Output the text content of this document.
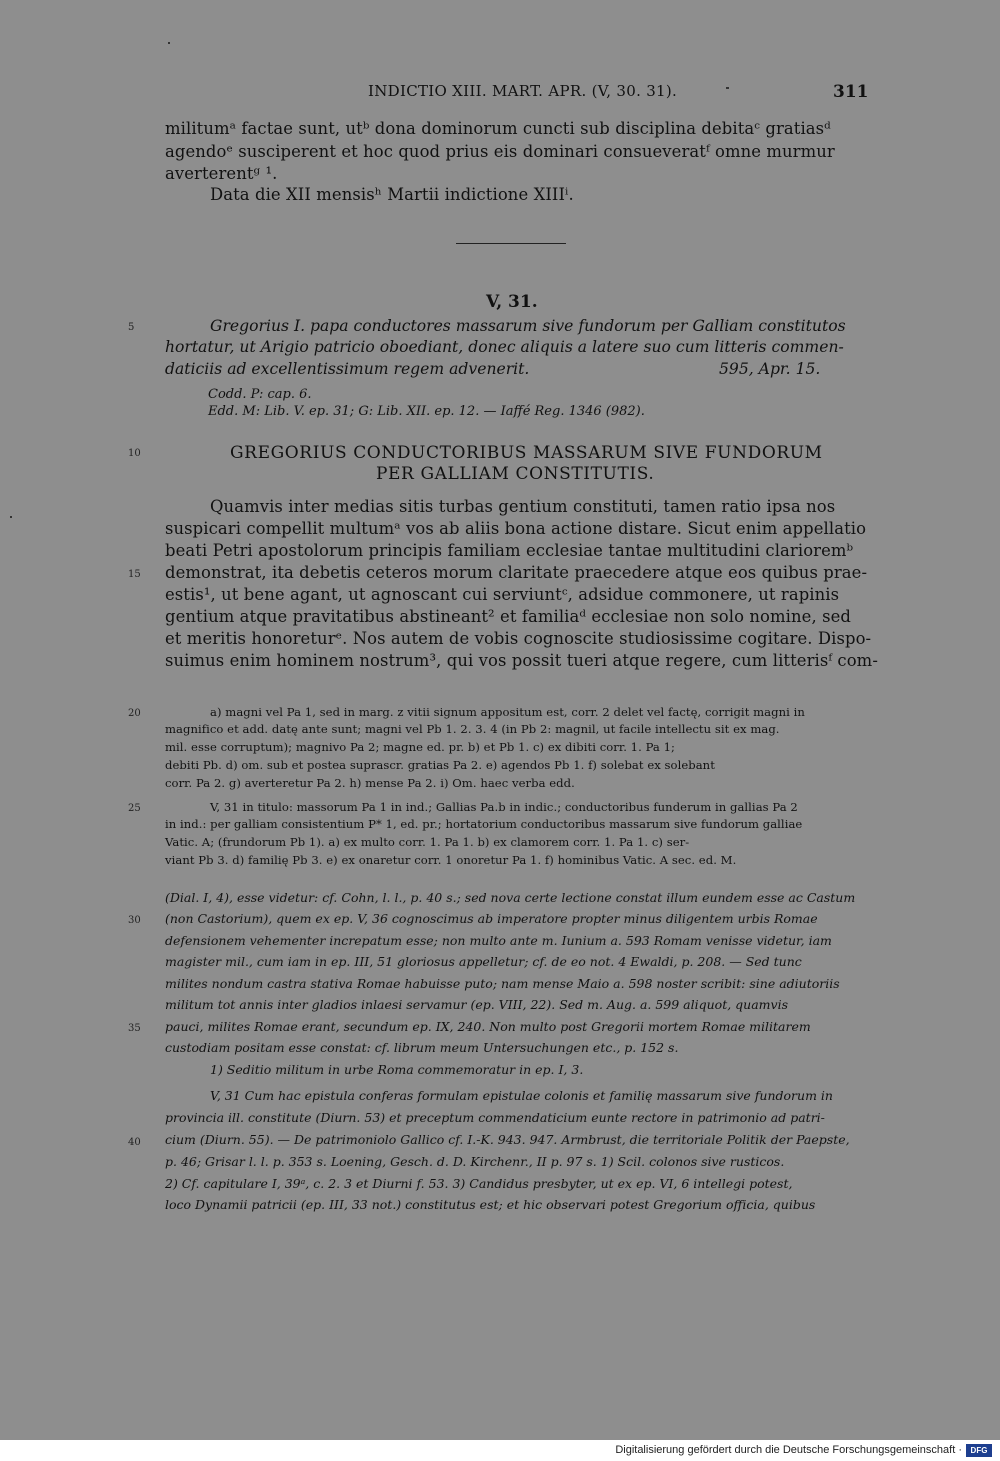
INDICTIO XIII. MART. APR. (V, 30. 31).	311
militumᵃ factae sunt, utᵇ dona dominorum cuncti sub disciplina debitaᶜ gratiasᵈ
agendoᵉ susciperent et hoc quod prius eis dominari consueveratᶠ omne murmur
averterentᵍ ¹.
Data die XII mensisʰ Martii indictione XIIIⁱ.
V, 31.
5	Gregorius I. papa conductores massarum sive fundorum per Galliam constitutos
hortatur, ut Arigio patricio oboediant, donec aliquis a latere suo cum litteris commen-
daticiis ad excellentissimum regem advenerit.	595, Apr. 15.
Codd. P: cap. 6.
Edd. M: Lib. V. ep. 31; G: Lib. XII. ep. 12. — Iaffé Reg. 1346 (982).
10	GREGORIUS CONDUCTORIBUS MASSARUM SIVE FUNDORUM
PER GALLIAM CONSTITUTIS.
Quamvis inter medias sitis turbas gentium constituti, tamen ratio ipsa nos
suspicari compellit multumᵃ vos ab aliis bona actione distare. Sicut enim appellatio
beati Petri apostolorum principis familiam ecclesiae tantae multitudini clarioremᵇ
15 demonstrat, ita debetis ceteros morum claritate praecedere atque eos quibus prae-
estis¹, ut bene agant, ut agnoscant cui serviuntᶜ, adsidue commonere, ut rapinis
gentium atque pravitatibus abstineant² et familiaᵈ ecclesiae non solo nomine, sed
et meritis honoreturᵉ. Nos autem de vobis cognoscite studiosissime cogitare. Dispo-
suimus enim hominem nostrum³, qui vos possit tueri atque regere, cum litterisᶠ com-
20	a) magni vel Pa 1, sed in marg. z vitii signum appositum est, corr. 2 delet vel factę, corrigit magni in
magnifico et add. datę ante sunt; magni vel Pb 1. 2. 3. 4 (in Pb 2: magnil, ut facile intellectu sit ex mag.
mil. esse corruptum); magnivo Pa 2; magne ed. pr. b) et Pb 1. c) ex dibiti corr. 1. Pa 1;
debiti Pb. d) om. sub et postea suprascr. gratias Pa 2. e) agendos Pb 1. f) solebat ex solebant
corr. Pa 2. g) averteretur Pa 2. h) mense Pa 2. i) Om. haec verba edd.
25	V, 31 in titulo: massorum Pa 1 in ind.; Gallias Pa.b in indic.; conductoribus funderum in gallias Pa 2
in ind.: per galliam consistentium P* 1, ed. pr.; hortatorium conductoribus massarum sive fundorum galliae
Vatic. A; (frundorum Pb 1). a) ex multo corr. 1. Pa 1. b) ex clamorem corr. 1. Pa 1. c) ser-
viant Pb 3. d) familię Pb 3. e) ex onaretur corr. 1 onoretur Pa 1. f) hominibus Vatic. A sec. ed. M.
(Dial. I, 4), esse videtur: cf. Cohn, l. l., p. 40 s.; sed nova certe lectione constat illum eundem esse ac Castum
30 (non Castorium), quem ex ep. V, 36 cognoscimus ab imperatore propter minus diligentem urbis Romae
defensionem vehementer increpatum esse; non multo ante m. Iunium a. 593 Romam venisse videtur, iam
magister mil., cum iam in ep. III, 51 gloriosus appelletur; cf. de eo not. 4 Ewaldi, p. 208. — Sed tunc
milites nondum castra stativa Romae habuisse puto; nam mense Maio a. 598 noster scribit: sine adiutoriis
militum tot annis inter gladios inlaesi servamur (ep. VIII, 22). Sed m. Aug. a. 599 aliquot, quamvis
35 pauci, milites Romae erant, secundum ep. IX, 240. Non multo post Gregorii mortem Romae militarem
custodiam positam esse constat: cf. librum meum Untersuchungen etc., p. 152 s.
1) Seditio militum in urbe Roma commemoratur in ep. I, 3.
V, 31 Cum hac epistula conferas formulam epistulae colonis et familię massarum sive fundorum in
provincia ill. constitute (Diurn. 53) et preceptum commendaticium eunte rectore in patrimonio ad patri-
40 cium (Diurn. 55). — De patrimoniolo Gallico cf. I.-K. 943. 947. Armbrust, die territoriale Politik der Paepste,
p. 46; Grisar l. l. p. 353 s. Loening, Gesch. d. D. Kirchenr., II p. 97 s. 1) Scil. colonos sive rusticos.
2) Cf. capitulare I, 39ᵃ, c. 2. 3 et Diurni f. 53. 3) Candidus presbyter, ut ex ep. VI, 6 intellegi potest,
loco Dynamii patricii (ep. III, 33 not.) constitutus est; et hic observari potest Gregorium officia, quibus
Digitalisierung gefördert durch die Deutsche Forschungsgemeinschaft ·	DFG
